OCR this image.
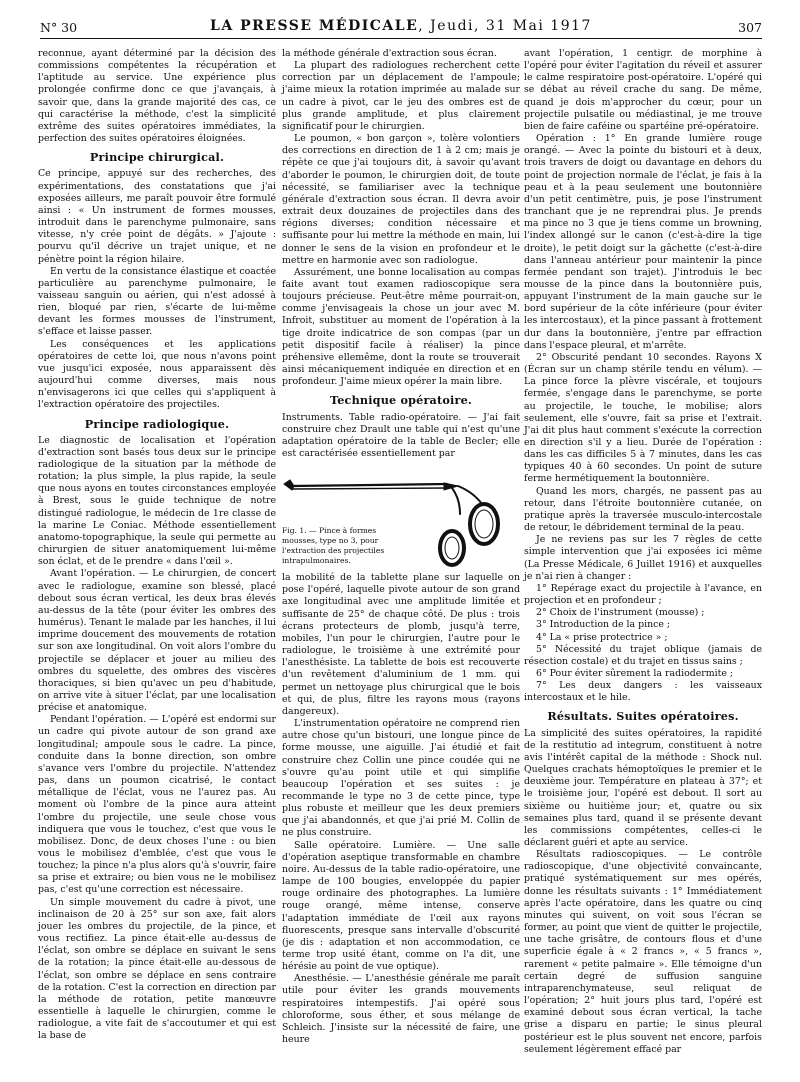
N° 30	LA PRESSE MÉDICALE, Jeudi, 31 Mai 1917	307

reconnue, ayant déterminé par la décision des commissions compétentes la récupération et l'aptitude au service. Une expérience plus prolongée confirme donc ce que j'avançais, à savoir que, dans la grande majorité des cas, ce qui caractérise la méthode, c'est la simplicité extrême des suites opératoires immédiates, la perfection des suites opératoires éloignées.

Principe chirurgical.

Ce principe, appuyé sur des recherches, des expérimentations, des constatations que j'ai exposées ailleurs, me paraît pouvoir être formulé ainsi : « Un instrument de formes mousses, introduit dans le parenchyme pulmonaire, sans vitesse, n'y crée point de dégâts. » J'ajoute : pourvu qu'il décrive un trajet unique, et ne pénètre point la région hilaire.

En vertu de la consistance élastique et coactée particulière au parenchyme pulmonaire, le vaisseau sanguin ou aérien, qui n'est adossé à rien, bloqué par rien, s'écarte de lui-même devant les formes mousses de l'instrument, s'efface et laisse passer.

Les conséquences et les applications opératoires de cette loi, que nous n'avons point vue jusqu'ici exposée, nous apparaissent dès aujourd'hui comme diverses, mais nous n'envisagerons ici que celles qui s'appliquent à l'extraction opératoire des projectiles.

Principe radiologique.

Le diagnostic de localisation et l'opération d'extraction sont basés tous deux sur le principe radiologique de la situation par la méthode de rotation; la plus simple, la plus rapide, la seule que nous ayons en toutes circonstances employée à Brest, sous le guide technique de notre distingué radiologue, le médecin de 1re classe de la marine Le Coniac. Méthode essentiellement anatomo-topographique, la seule qui permette au chirurgien de situer anatomiquement lui-même son éclat, et de le prendre « dans l'œil ».

Avant l'opération. — Le chirurgien, de concert avec le radiologue, examine son blessé, placé debout sous écran vertical, les deux bras élevés au-dessus de la tête (pour éviter les ombres des humérus). Tenant le malade par les hanches, il lui imprime doucement des mouvements de rotation sur son axe longitudinal. On voit alors l'ombre du projectile se déplacer et jouer au milieu des ombres du squelette, des ombres des viscères thoraciques, si bien qu'avec un peu d'habitude, on arrive vite à situer l'éclat, par une localisation précise et anatomique.

Pendant l'opération. — L'opéré est endormi sur un cadre qui pivote autour de son grand axe longitudinal; ampoule sous le cadre. La pince, conduite dans la bonne direction, son ombre s'avance vers l'ombre du projectile. N'attendez pas, dans un poumon cicatrisé, le contact métallique de l'éclat, vous ne l'aurez pas. Au moment où l'ombre de la pince aura atteint l'ombre du projectile, une seule chose vous indiquera que vous le touchez, c'est que vous le mobilisez. Donc, de deux choses l'une : ou bien vous le mobilisez d'emblée, c'est que vous le touchez; la pince n'a plus alors qu'à s'ouvrir, faire sa prise et extraire; ou bien vous ne le mobilisez pas, c'est qu'une correction est nécessaire.

Un simple mouvement du cadre à pivot, une inclinaison de 20 à 25° sur son axe, fait alors jouer les ombres du projectile, de la pince, et vous rectifiez. La pince était-elle au-dessus de l'éclat, son ombre se déplace en suivant le sens de la rotation; la pince était-elle au-dessous de l'éclat, son ombre se déplace en sens contraire de la rotation. C'est la correction en direction par la méthode de rotation, petite manœuvre essentielle à laquelle le chirurgien, comme le radiologue, a vite fait de s'accoutumer et qui est la base de

la méthode générale d'extraction sous écran.

La plupart des radiologues recherchent cette correction par un déplacement de l'ampoule; j'aime mieux la rotation imprimée au malade sur un cadre à pivot, car le jeu des ombres est de plus grande amplitude, et plus clairement significatif pour le chirurgien.

Le poumon, « bon garçon », tolère volontiers des corrections en direction de 1 à 2 cm; mais je répète ce que j'ai toujours dit, à savoir qu'avant d'aborder le poumon, le chirurgien doit, de toute nécessité, se familiariser avec la technique générale d'extraction sous écran. Il devra avoir extrait deux douzaines de projectiles dans des régions diverses; condition nécessaire et suffisante pour lui mettre la méthode en main, lui donner le sens de la vision en profondeur et le mettre en harmonie avec son radiologue.

Assurément, une bonne localisation au compas faite avant tout examen radioscopique sera toujours précieuse. Peut-être même pourrait-on, comme j'envisageais la chose un jour avec M. Infroit, substituer au moment de l'opération à la tige droite indicatrice de son compas (par un petit dispositif facile à réaliser) la pince préhensive ellemême, dont la route se trouverait ainsi mécaniquement indiquée en direction et en profondeur. J'aime mieux opérer la main libre.

Technique opératoire.

Instruments. Table radio-opératoire. — J'ai fait construire chez Drault une table qui n'est qu'une adaptation opératoire de la table de Becler; elle est caractérisée essentiellement par

la mobilité de la tablette plane sur laquelle on pose l'opéré, laquelle pivote autour de son grand axe longitudinal avec une amplitude limitée et suffisante de 25° de chaque côté. De plus : trois écrans protecteurs de plomb, jusqu'à terre, mobiles, l'un pour le chirurgien, l'autre pour le radiologue, le troisième à une extrémité pour l'anesthésiste. La tablette de bois est recouverte d'un revêtement d'aluminium de 1 mm. qui permet un nettoyage plus chirurgical que le bois et qui, de plus, filtre les rayons mous (rayons dangereux).

L'instrumentation opératoire ne comprend rien autre chose qu'un bistouri, une longue pince de forme mousse, une aiguille. J'ai étudié et fait construire chez Collin une pince coudée qui ne s'ouvre qu'au point utile et qui simplifie beaucoup l'opération et ses suites : je recommande le type no 3 de cette pince, type plus robuste et meilleur que les deux premiers que j'ai abandonnés, et que j'ai prié M. Collin de ne plus construire.

Salle opératoire. Lumière. — Une salle d'opération aseptique transformable en chambre noire. Au-dessus de la table radio-opératoire, une lampe de 100 bougies, enveloppée du papier rouge ordinaire des photographes. La lumière rouge orangé, même intense, conserve l'adaptation immédiate de l'œil aux rayons fluorescents, presque sans intervalle d'obscurité (je dis : adaptation et non accommodation, ce terme trop usité étant, comme on l'a dit, une hérésie au point de vue optique).

Anesthésie. — L'anesthésie générale me paraît utile pour éviter les grands mouvements respiratoires intempestifs. J'ai opéré sous chloroforme, sous éther, et sous mélange de Schleich. J'insiste sur la nécessité de faire, une heure

Fig. 1. — Pince à formes mousses, type no 3, pour l'extraction des projectiles intrapulmonaires.

avant l'opération, 1 centigr. de morphine à l'opéré pour éviter l'agitation du réveil et assurer le calme respiratoire post-opératoire. L'opéré qui se débat au réveil crache du sang. De même, quand je dois m'approcher du cœur, pour un projectile pulsatile ou médiastinal, je me trouve bien de faire caféine ou spartéine pré-opératoire.

Opération : 1° En grande lumière rouge orangé. — Avec la pointe du bistouri et à deux, trois travers de doigt ou davantage en dehors du point de projection normale de l'éclat, je fais à la peau et à la peau seulement une boutonnière d'un petit centimètre, puis, je pose l'instrument tranchant que je ne reprendrai plus. Je prends ma pince no 3 que je tiens comme un browning, l'index allongé sur le canon (c'est-à-dire la tige droite), le petit doigt sur la gâchette (c'est-à-dire dans l'anneau antérieur pour maintenir la pince fermée pendant son trajet). J'introduis le bec mousse de la pince dans la boutonnière puis, appuyant l'instrument de la main gauche sur le bord supérieur de la côte inférieure (pour éviter les intercostaux), et la pince passant à frottement dur dans la boutonnière, j'entre par effraction dans l'espace pleural, et m'arrête.

2° Obscurité pendant 10 secondes. Rayons X (Écran sur un champ stérile tendu en vélum). — La pince force la plèvre viscérale, et toujours fermée, s'engage dans le parenchyme, se porte au projectile, le touche, le mobilise; alors seulement, elle s'ouvre, fait sa prise et l'extrait. J'ai dit plus haut comment s'exécute la correction en direction s'il y a lieu. Durée de l'opération : dans les cas difficiles 5 à 7 minutes, dans les cas typiques 40 à 60 secondes. Un point de suture ferme hermétiquement la boutonnière.

Quand les mors, chargés, ne passent pas au retour, dans l'étroite boutonnière cutanée, on pratique après la traversée musculo-intercostale de retour, le débridement terminal de la peau.

Je ne reviens pas sur les 7 règles de cette simple intervention que j'ai exposées ici même (La Presse Médicale, 6 Juillet 1916) et auxquelles je n'ai rien à changer :

1° Repérage exact du projectile à l'avance, en projection et en profondeur ;

2° Choix de l'instrument (mousse) ;

3° Introduction de la pince ;

4° La « prise protectrice » ;

5° Nécessité du trajet oblique (jamais de résection costale) et du trajet en tissus sains ;

6° Pour éviter sûrement la radiodermite ;

7° Les deux dangers : les vaisseaux intercostaux et le hile.

Résultats. Suites opératoires.

La simplicité des suites opératoires, la rapidité de la restitutio ad integrum, constituent à notre avis l'intérêt capital de la méthode : Shock nul. Quelques crachats hémoptoïques le premier et le deuxième jour. Température en plateau à 37°; et le troisième jour, l'opéré est debout. Il sort au sixième ou huitième jour; et, quatre ou six semaines plus tard, quand il se présente devant les commissions compétentes, celles-ci le déclarent guéri et apte au service.

Résultats radioscopiques. — Le contrôle radioscopique, d'une objectivité convaincante, pratiqué systématiquement sur mes opérés, donne les résultats suivants : 1° Immédiatement après l'acte opératoire, dans les quatre ou cinq minutes qui suivent, on voit sous l'écran se former, au point que vient de quitter le projectile, une tache grisâtre, de contours flous et d'une superficie égale à « 2 francs », « 5 francs », rarement « petite palmaire ». Elle témoigne d'un certain degré de suffusion sanguine intraparenchymateuse, seul reliquat de l'opération; 2° huit jours plus tard, l'opéré est examiné debout sous écran vertical, la tache grise a disparu en partie; le sinus pleural postérieur est le plus souvent net encore, parfois seulement légèrement effacé par
